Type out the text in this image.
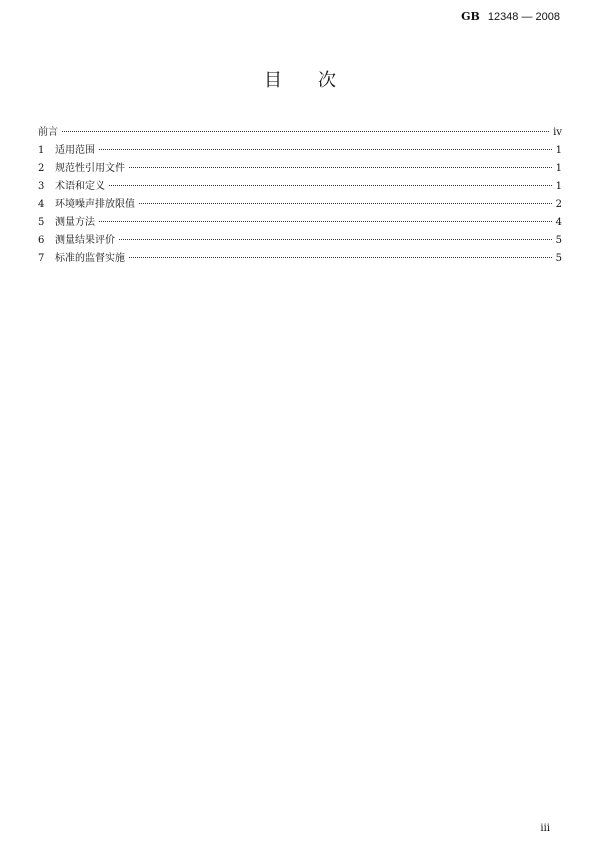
GB 12348 — 2008
目次
前言	ⅳ
1	适用范围	1
2	规范性引用文件	1
3	术语和定义	1
4	环境噪声排放限值	2
5	测量方法	4
6	测量结果评价	5
7	标准的监督实施	5
ⅲ
